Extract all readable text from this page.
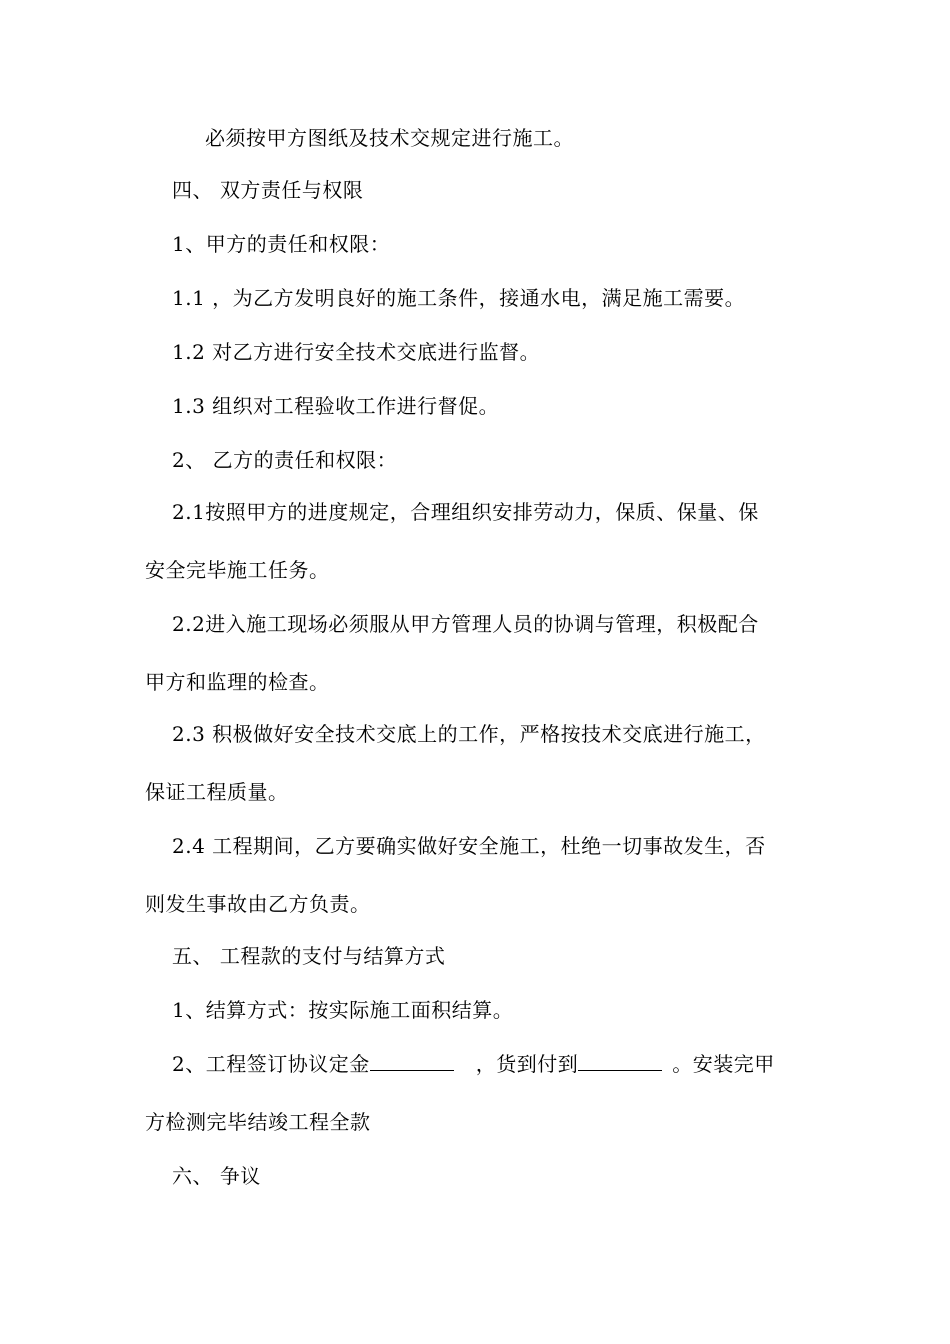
必须按甲方图纸及技术交规定进行施工。
四、 双方责任与权限
1、甲方的责任和权限：
1.1 ，为乙方发明良好的施工条件，接通水电，满足施工需要。
1.2 对乙方进行安全技术交底进行监督。
1.3 组织对工程验收工作进行督促。
2、 乙方的责任和权限：
2.1按照甲方的进度规定，合理组织安排劳动力，保质、保量、保
安全完毕施工任务。
2.2进入施工现场必须服从甲方管理人员的协调与管理，积极配合
甲方和监理的检查。
2.3 积极做好安全技术交底上的工作，严格按技术交底进行施工，
保证工程质量。
2.4 工程期间，乙方要确实做好安全施工，杜绝一切事故发生，否
则发生事故由乙方负责。
五、 工程款的支付与结算方式
1、结算方式：按实际施工面积结算。
2、工程签订协议定金	，货到付到	。安装完甲
方检测完毕结竣工程全款
六、 争议
